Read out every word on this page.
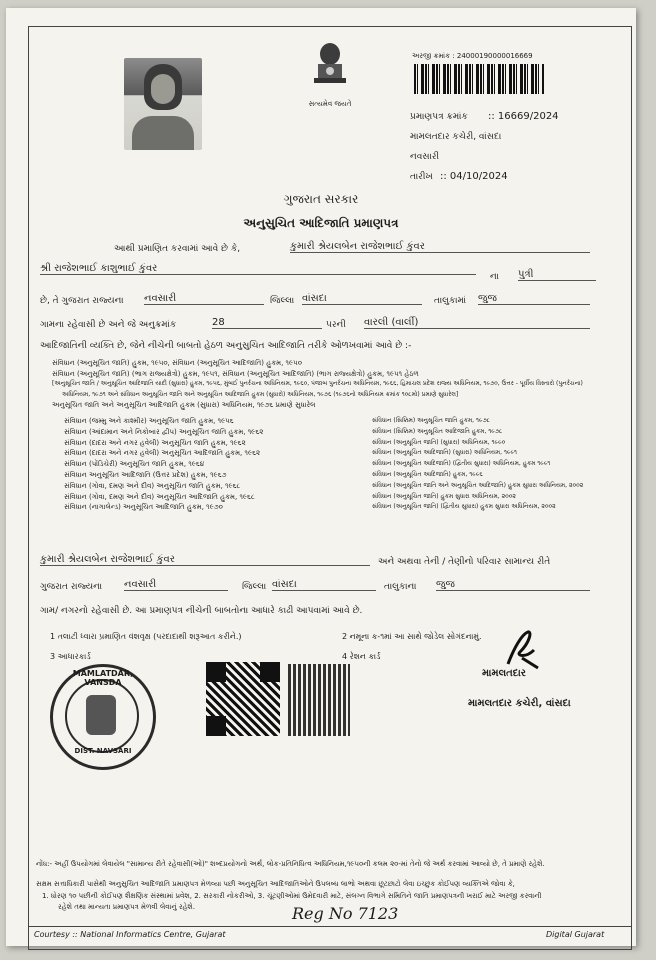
સત્યમેવ જયતે
અરજી ક્રમાંક : 24000190000016669
પ્રમાણપત્ર ક્રમાંક :: 16669/2024
મામલતદાર કચેરી, વાંસદા
નવસારી
તારીખ :: 04/10/2024
ગુજરાત સરકાર
અનુસુચિત આદિજાતિ પ્રમાણપત્ર
આથી પ્રમાણિત કરવામાં આવે છે કે,	કુમારી શ્રેયલબેન રાજેશભાઈ કુંવર
શ્રી રાજેશભાઈ કાશુભાઈ કુંવર
ના પુત્રી
છે, તે ગુજરાત રાજ્યના નવસારી	જિલ્લા વાંસદા	તાલુકામાં જુજ
ગામના રહેવાસી છે અને જે અનુક્રમાંક	28	પરની વારલી (વાર્લી)
આદિજાતિની વ્યક્તિ છે, જેને નીચેની બાબતો હેઠળ અનુસુચિત આદિજાતિ તરીકે ઓળખવામાં આવે છે :-
સંવિધાન (અનુસૂચિત જાતિ) હુકમ, ૧૯૫૦, સંવિધાન (અનુસૂચિત આદિજાતિ) હુકમ, ૧૯૫૦
સંવિધાન (અનુસૂચિત જાતિ) (ભાગ રાજ્યક્ષેત્રો) હુકમ, ૧૯૫૧, સંવિધાન (અનુસૂચિત આદિજાતિ) (ભાગ રાજ્યક્ષેત્રો) હુકમ, ૧૯૫૧ હેઠળ
[અનુસૂચિત જાતિ / અનુસૂચિત આદિજાતિ યાદી (સુધારા) હુકમ, ૧૯૫૬, મુંબઈ પુનર્રચના અધિનિયમ, ૧૯૬૦, પંજાબ પુનર્રચના અધિનિયમ, ૧૯૬૬, હિમાચલ પ્રદેશ રાજ્ય અધિનિયમ, ૧૯૭૦, ઉત્તર - પૂર્વીય વિસ્તારો (પુનર્રચના)
અધિનિયમ, ૧૯૭૧ અને સંવિધાન અનુસૂચિત જાતિ અને અનુસૂચિત આદિજાતિ હુકમ (સુધારો) અધિનિયમ, ૧૯૭૬ (૧૯૭૬નો અધિનિયમ ક્રમાંક ૧૦૮મો) પ્રમાણે સુધારેલ]
અનુસૂચિત જાતિ અને અનુસૂચિત આદિજાતિ હુકમ (સુધારા) અધિનિયમ, ૧૯૭૬ પ્રમાણે સુધારેલ
સંવિધાન (જમ્મુ અને કાશ્મીર) અનુસૂચિત જાતિ હુકમ, ૧૯૫૬
સંવિધાન (આંદામાન અને નિકોબાર દ્વીપ) અનુસૂચિત જાતિ હુકમ, ૧૯૬૨
સંવિધાન (દાદરા અને નગર હવેલી) અનુસૂચિત જાતિ હુકમ, ૧૯૬૨
સંવિધાન (દાદરા અને નગર હવેલી) અનુસૂચિત આદિજાતિ હુકમ, ૧૯૬૨
સંવિધાન (પોંડિચેરી) અનુસૂચિત જાતિ હુકમ, ૧૯૬૪
સંવિધાન અનુસૂચિત આદિજાતિ (ઉત્તર પ્રદેશ) હુકમ, ૧૯૬૭
સંવિધાન (ગોવા, દમણ અને દીવ) અનુસૂચિત જાતિ હુકમ, ૧૯૬૮
સંવિધાન (ગોવા, દમણ અને દીવ) અનુસૂચિત આદિજાતિ હુકમ, ૧૯૬૮
સંવિધાન (નાગાલેન્ડ) અનુસૂચિત આદિજાતિ હુકમ, ૧૯૭૦
સંવિધાન (સિક્કિમ) અનુસૂચિત જાતિ હુકમ, ૧૯૭૮
સંવિધાન (સિક્કિમ) અનુસૂચિત આદિજાતિ હુકમ, ૧૯૭૮
સંવિધાન (અનુસૂચિત જાતિ) (સુધારા) અધિનિયમ, ૧૯૯૦
સંવિધાન (અનુસૂચિત આદિજાતિ) (સુધારા) અધિનિયમ, ૧૯૯૧
સંવિધાન (અનુસૂચિત આદિજાતિ) (દ્વિતીય સુધારા) અધિનિયમ, હુકમ ૧૯૯૧
સંવિધાન (અનુસૂચિત આદિજાતિ) હુકમ, ૧૯૯૬
સંવિધાન (અનુસૂચિત જાતિ અને અનુસૂચિત આદિજાતિ) હુકમ સુધારા અધિનિયમ, ૨૦૦૨
સંવિધાન (અનુસૂચિત જાતિ) હુકમ સુધારા અધિનિયમ, ૨૦૦૨
સંવિધાન (અનુસૂચિત જાતિ) (દ્વિતીય સુધારા) હુકમ સુધારા અધિનિયમ, ૨૦૦૨
કુમારી શ્રેયલબેન રાજેશભાઈ કુંવર	અને અથવા તેની / તેણીનો પરિવાર સામાન્ય રીતે
ગુજરાત રાજ્યના નવસારી	જિલ્લા વાંસદા	તાલુકાના જુજ
ગામ/ નગરનો રહેવાસી છે. આ પ્રમાણપત્ર નીચેની બાબતોના આધારે કાઢી આપવામાં આવે છે.
1 તલાટી ધ્વારા પ્રમાણિત વંશવૃક્ષ (પરદાદાથી શરૂઆત કરીને.)	2 નમૂના ક-૧માં આ સાથે જોડેલ સોગંદનામું.
3 આધારકાર્ડ	4 રેશન કાર્ડ
MAMLATDAR, VANSDA
DIST. NAVSARI
મામલતદાર
મામલતદાર કચેરી, વાંસદા
નોંધ:- અહીં ઉપયોગમાં લેવાયેલ "સામાન્ય રીતે રહેવાસી(ઓ)" શબ્દપ્રયોગનો અર્થ, લોક-પ્રતિનિધિત્વ અધિનિયમ,૧૯૫૦ની કલમ ૨૦-માં તેનો જે અર્થ કરવામાં આવ્યો છે, તે પ્રમાણે રહેશે.
સક્ષમ સત્તાધિકારી પાસેથી અનુસુચિત આદિજાતિ પ્રમાણપત્ર મેળવ્યા પછી અનુસૂચિત આદિજાતિઓને ઉપલબ્ધ લાભો અથવા છૂટછાટો લેવા ઇચ્છુક કોઈપણ વ્યક્તિએ જોવા કે,
1. ધોરણ ૧૦ પછીની કોઈપણ શૈક્ષણિક સંસ્થામાં પ્રવેશ, 2. સરકારી નોકરીઓ, 3. ચૂંટણીઓમાં ઉમેદવારી માટે, સંલગ્ન વિભાગે સમિતિને જાતિ પ્રમાણપત્રની ખરાઈ માટે અરજી કરવાની
રહેશે તથા માન્યતા પ્રમાણપત્ર મેળવી લેવાનું રહેશે.	Reg No 7123
Courtesy :: National Informatics Centre, Gujarat	Digital Gujarat
